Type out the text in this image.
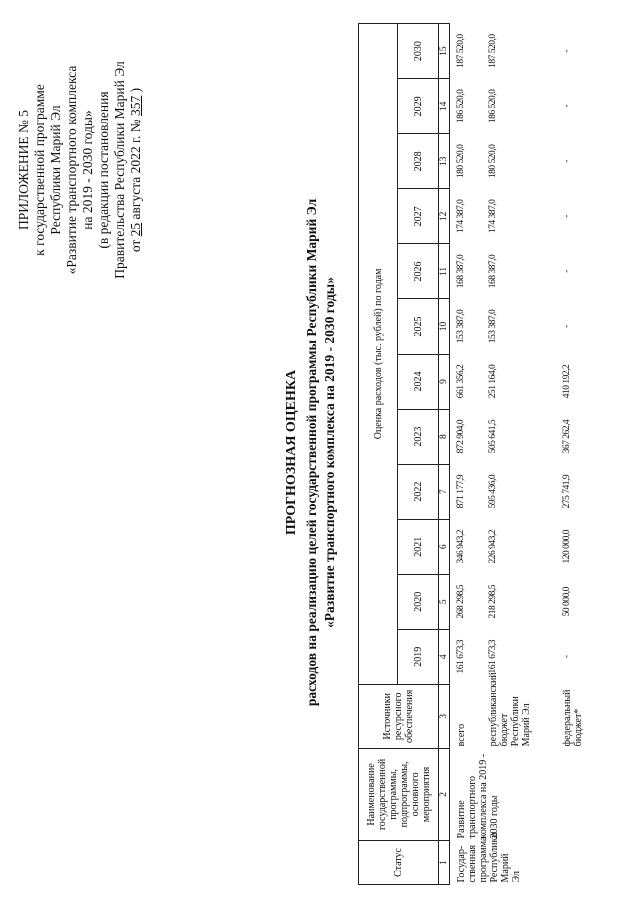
ПРИЛОЖЕНИЕ № 5 к государственной программе Республики Марий Эл «Развитие транспортного комплекса на 2019 - 2030 годы» (в редакции постановления Правительства Республики Марий Эл от 25 августа 2022 г. № 357 )
ПРОГНОЗНАЯ ОЦЕНКА расходов на реализацию целей государственной программы Республики Марий Эл «Развитие транспортного комплекса на 2019 - 2030 годы»
Статус	Наименование государственной программы, подпрограммы, основного мероприятия	Источники ресурсного обеспечения	Оценка расходов (тыс. рублей) по годам											
			2019	2020	2021	2022	2023	2024	2025	2026	2027	2028	2029	2030
1	2	3	4	5	6	7	8	9	10	11	12	13	14	15
Государ-ственная программа Республики Марий Эл	Развитие транспортного комплекса на 2019 - 2030 годы	всего	161 673,3	268 298,5	346 943,2	871 177,9	872 904,0	661 356,2	153 387,0	168 387,0	174 387,0	180 520,0	186 520,0	187 520,0
		республиканский бюджет Республики Марий Эл	161 673,3	218 298,5	226 943,2	595 436,0	505 641,5	251 164,0	153 387,0	168 387,0	174 387,0	180 520,0	186 520,0	187 520,0
		федеральный бюджет*	-	50 000,0	120 000,0	275 741,9	367 262,4	410 192,2	-	-	-	-	-	-
